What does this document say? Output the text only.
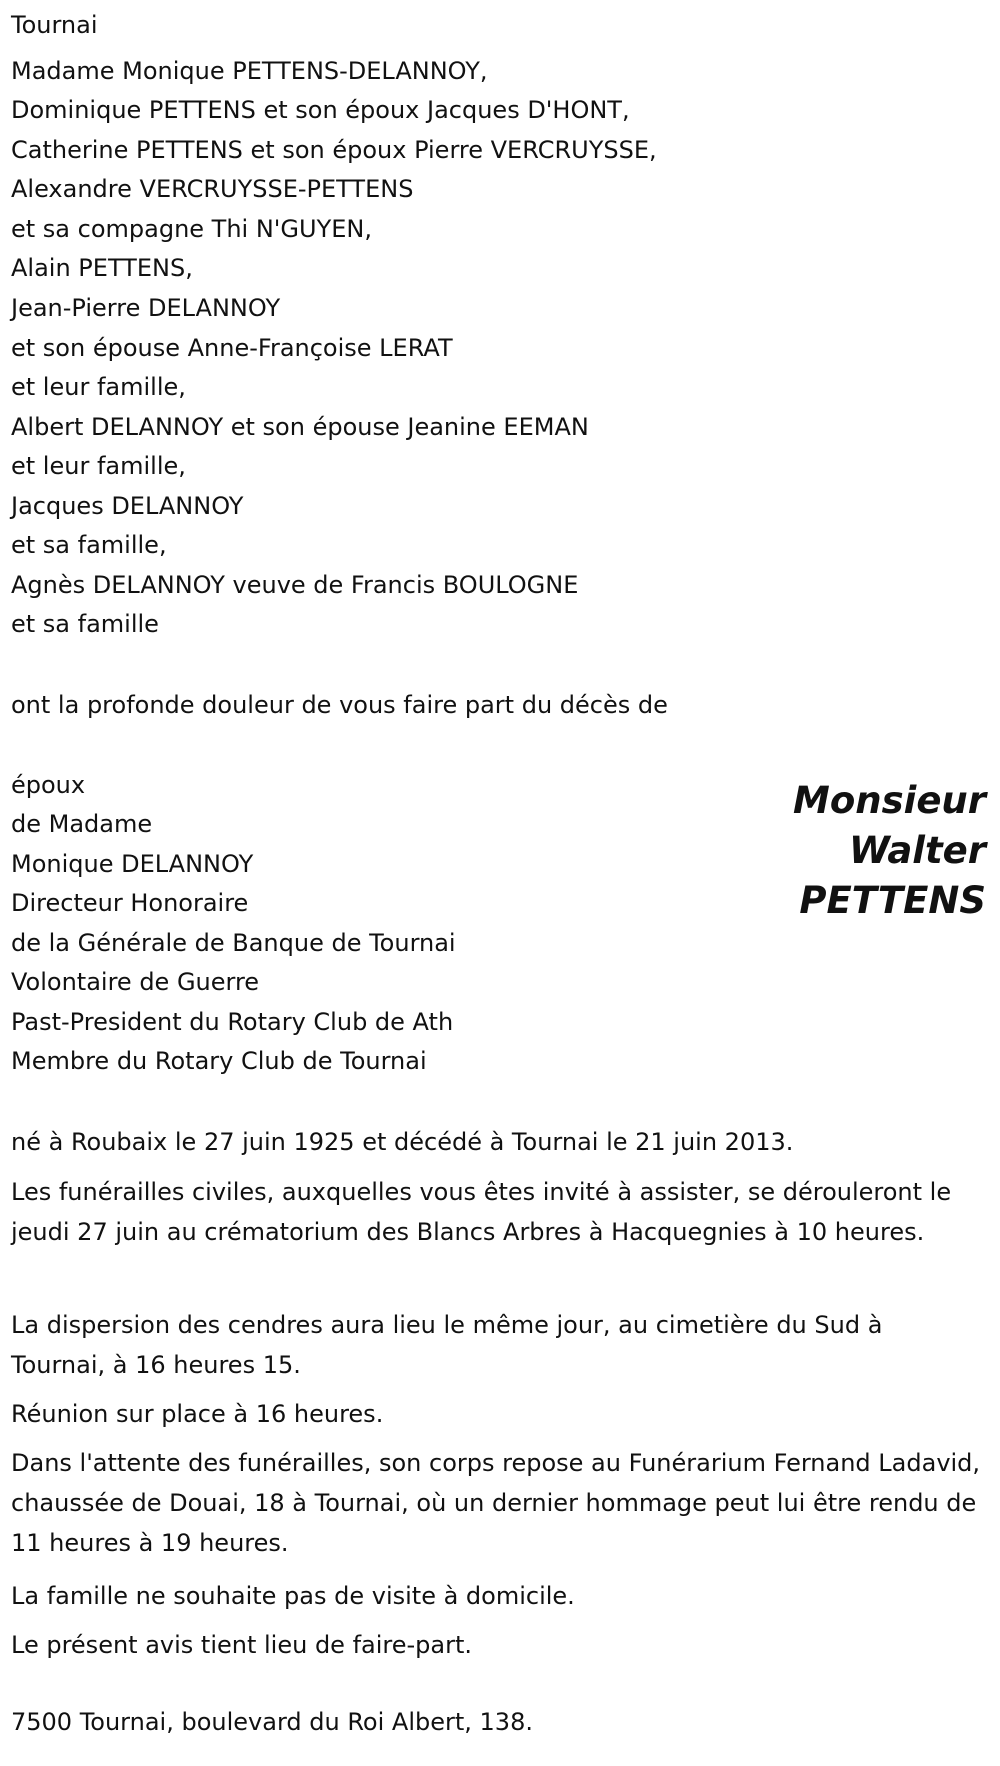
Tournai

Madame Monique PETTENS-DELANNOY,

Dominique PETTENS et son époux Jacques D'HONT,

Catherine PETTENS et son époux Pierre VERCRUYSSE,

Alexandre VERCRUYSSE-PETTENS

et sa compagne Thi N'GUYEN,

Alain PETTENS,

Jean-Pierre DELANNOY

et son épouse Anne-Françoise LERAT

et leur famille,

Albert DELANNOY et son épouse Jeanine EEMAN

et leur famille,

Jacques DELANNOY

et sa famille,

Agnès DELANNOY veuve de Francis BOULOGNE

et sa famille

ont la profonde douleur de vous faire part du décès de

Monsieur
Walter
PETTENS

époux

de Madame

Monique DELANNOY

Directeur Honoraire

de la Générale de Banque de Tournai

Volontaire de Guerre

Past-President du Rotary Club de Ath

Membre du Rotary Club de Tournai

né à Roubaix le 27 juin 1925 et décédé à Tournai le 21 juin 2013.

Les funérailles civiles, auxquelles vous êtes invité à assister, se dérouleront le jeudi 27 juin au crématorium des Blancs Arbres à Hacquegnies à 10 heures.

La dispersion des cendres aura lieu le même jour, au cimetière du Sud à Tournai, à 16 heures 15.

Réunion sur place à 16 heures.

Dans l'attente des funérailles, son corps repose au Funérarium Fernand Ladavid, chaussée de Douai, 18 à Tournai, où un dernier hommage peut lui être rendu de 11 heures à 19 heures.

La famille ne souhaite pas de visite à domicile.

Le présent avis tient lieu de faire-part.

7500 Tournai, boulevard du Roi Albert, 138.
